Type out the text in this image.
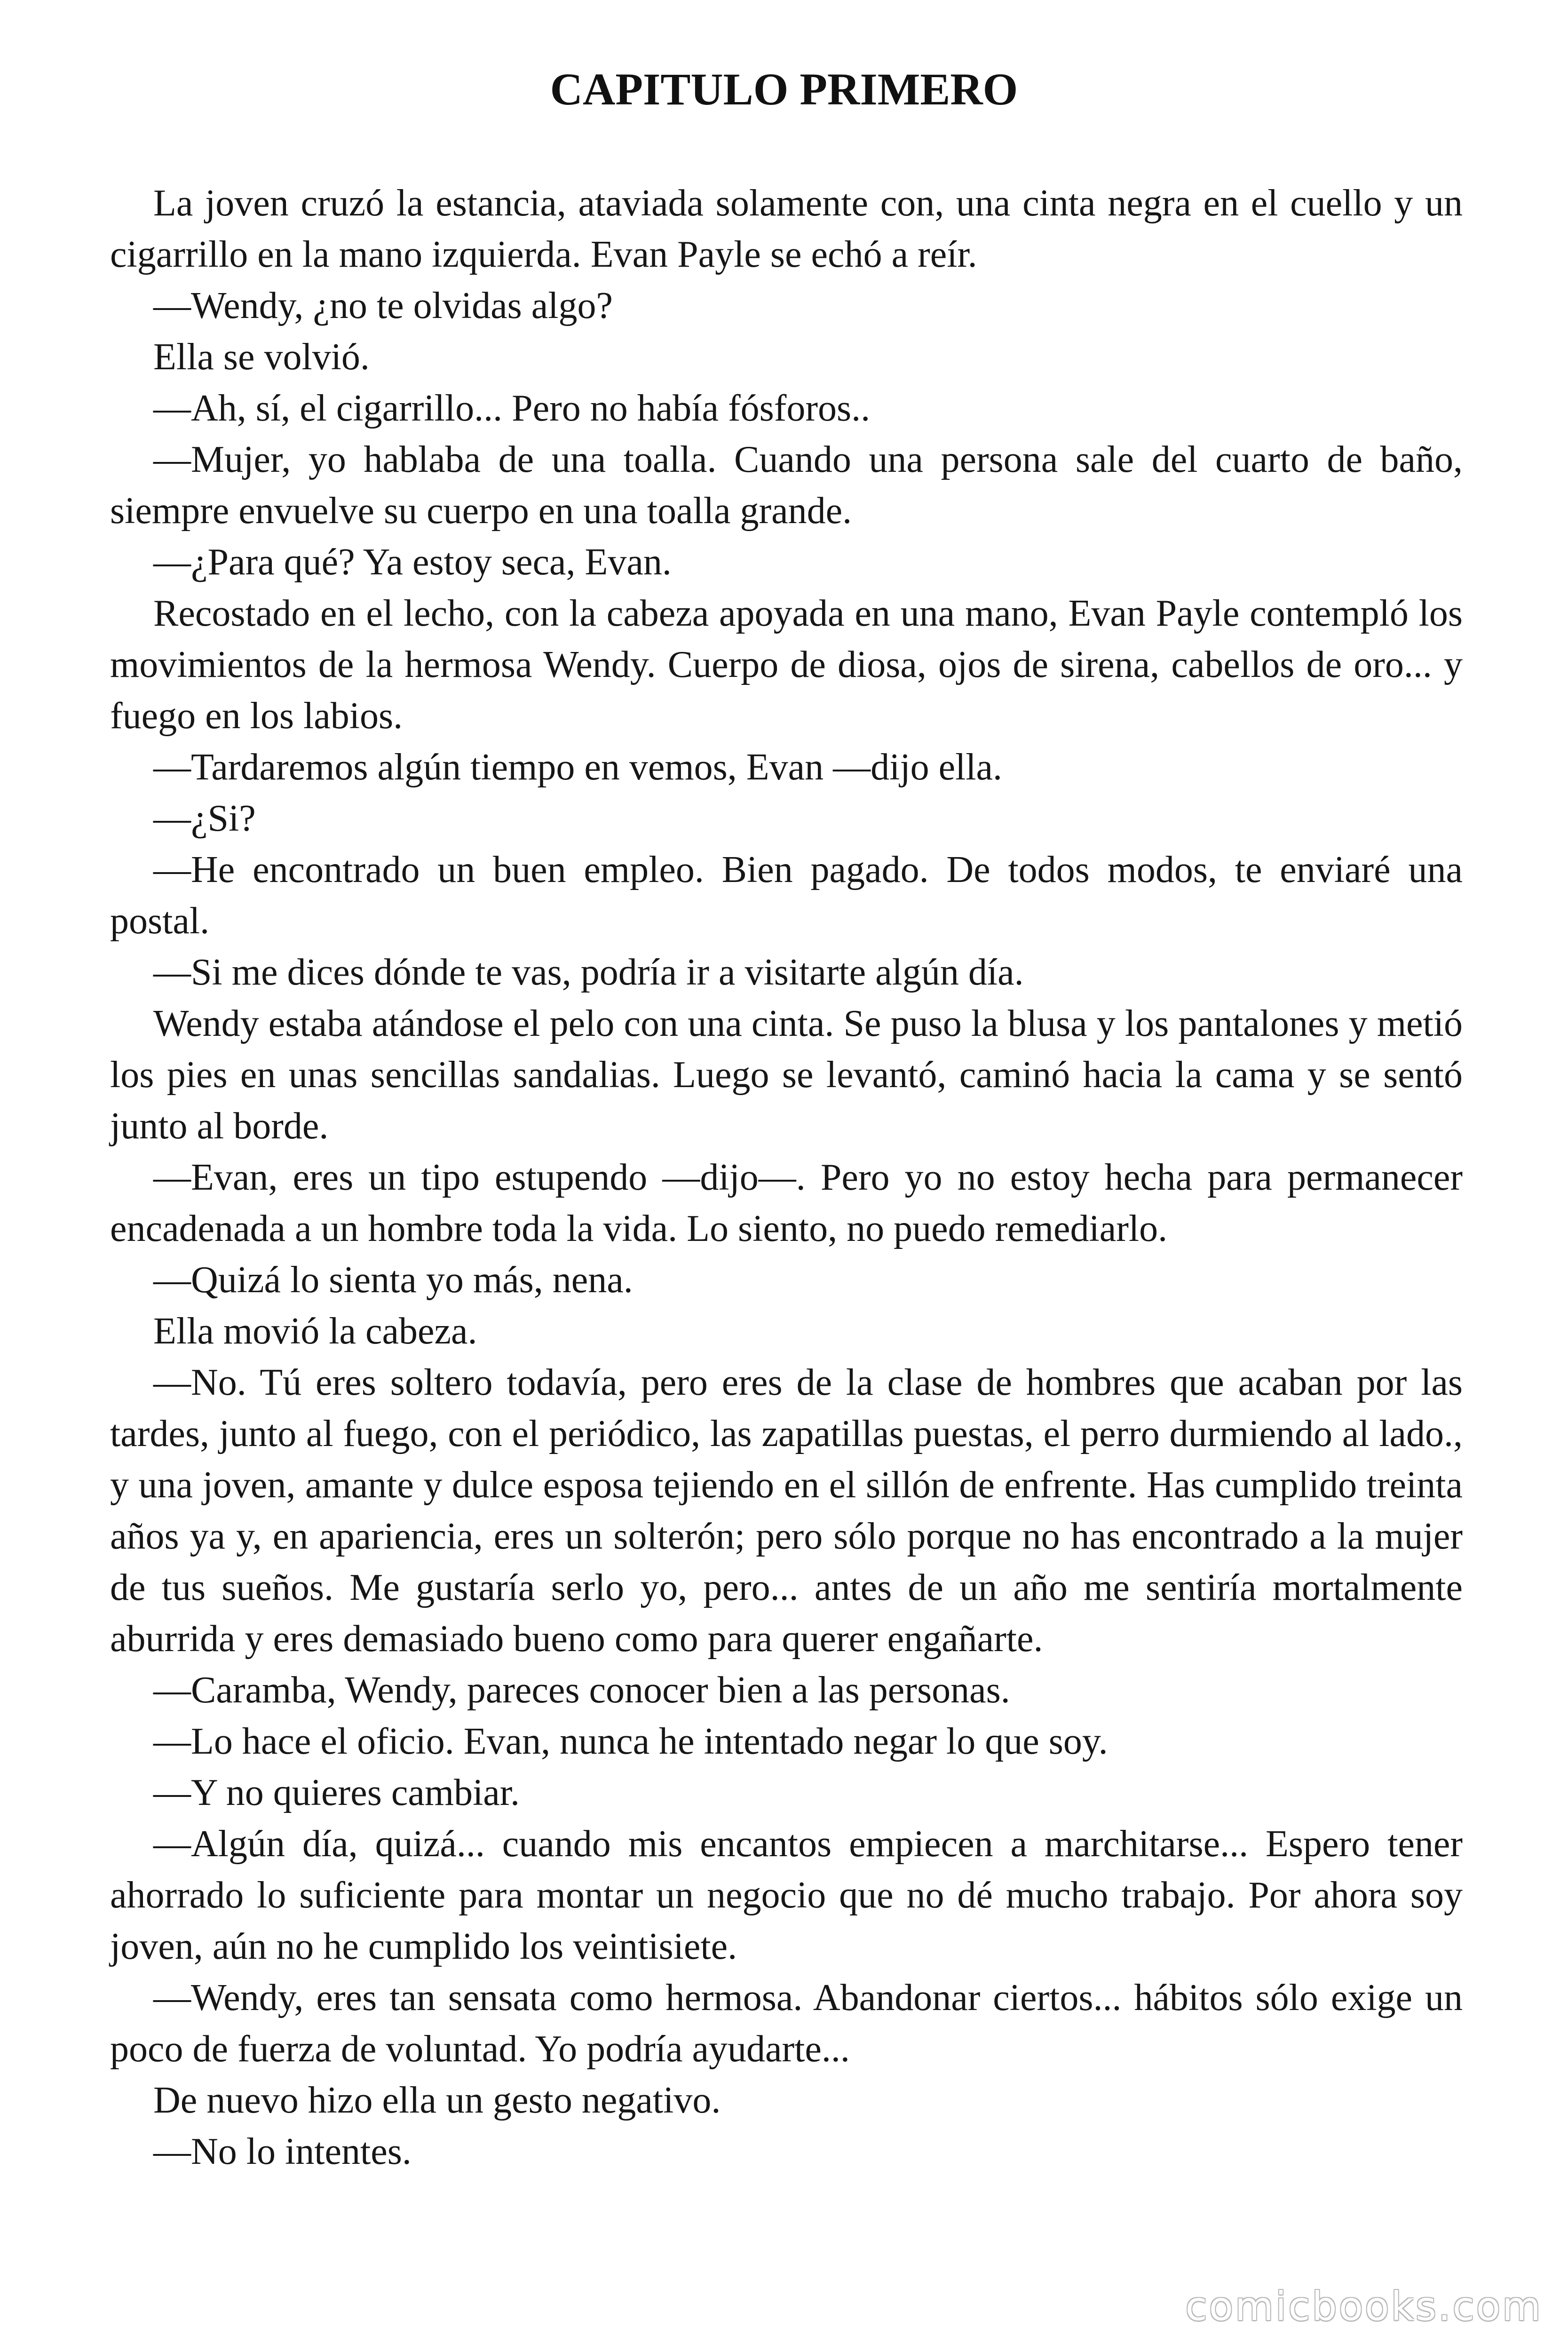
CAPITULO PRIMERO

La joven cruzó la estancia, ataviada solamente con, una cinta negra en el cuello y un cigarrillo en la mano izquierda. Evan Payle se echó a reír.

—Wendy, ¿no te olvidas algo?

Ella se volvió.

—Ah, sí, el cigarrillo... Pero no había fósforos..

—Mujer, yo hablaba de una toalla. Cuando una persona sale del cuarto de baño, siempre envuelve su cuerpo en una toalla grande.

—¿Para qué? Ya estoy seca, Evan.

Recostado en el lecho, con la cabeza apoyada en una mano, Evan Payle contempló los movimientos de la hermosa Wendy. Cuerpo de diosa, ojos de sirena, cabellos de oro... y fuego en los labios.

—Tardaremos algún tiempo en vemos, Evan —dijo ella.

—¿Si?

—He encontrado un buen empleo. Bien pagado. De todos modos, te enviaré una postal.

—Si me dices dónde te vas, podría ir a visitarte algún día.

Wendy estaba atándose el pelo con una cinta. Se puso la blusa y los pantalones y metió los pies en unas sencillas sandalias. Luego se levantó, caminó hacia la cama y se sentó junto al borde.

—Evan, eres un tipo estupendo —dijo—. Pero yo no estoy hecha para permanecer encadenada a un hombre toda la vida. Lo siento, no puedo remediarlo.

—Quizá lo sienta yo más, nena.

Ella movió la cabeza.

—No. Tú eres soltero todavía, pero eres de la clase de hombres que acaban por las tardes, junto al fuego, con el periódico, las zapatillas puestas, el perro durmiendo al lado., y una joven, amante y dulce esposa tejiendo en el sillón de enfrente. Has cumplido treinta años ya y, en apariencia, eres un solterón; pero sólo porque no has encontrado a la mujer de tus sueños. Me gustaría serlo yo, pero... antes de un año me sentiría mortalmente aburrida y eres demasiado bueno como para querer engañarte.

—Caramba, Wendy, pareces conocer bien a las personas.

—Lo hace el oficio. Evan, nunca he intentado negar lo que soy.

—Y no quieres cambiar.

—Algún día, quizá... cuando mis encantos empiecen a marchitarse... Espero tener ahorrado lo suficiente para montar un negocio que no dé mucho trabajo. Por ahora soy joven, aún no he cumplido los veintisiete.

—Wendy, eres tan sensata como hermosa. Abandonar ciertos... hábitos sólo exige un poco de fuerza de voluntad. Yo podría ayudarte...

De nuevo hizo ella un gesto negativo.

—No lo intentes.

comicbooks.com
